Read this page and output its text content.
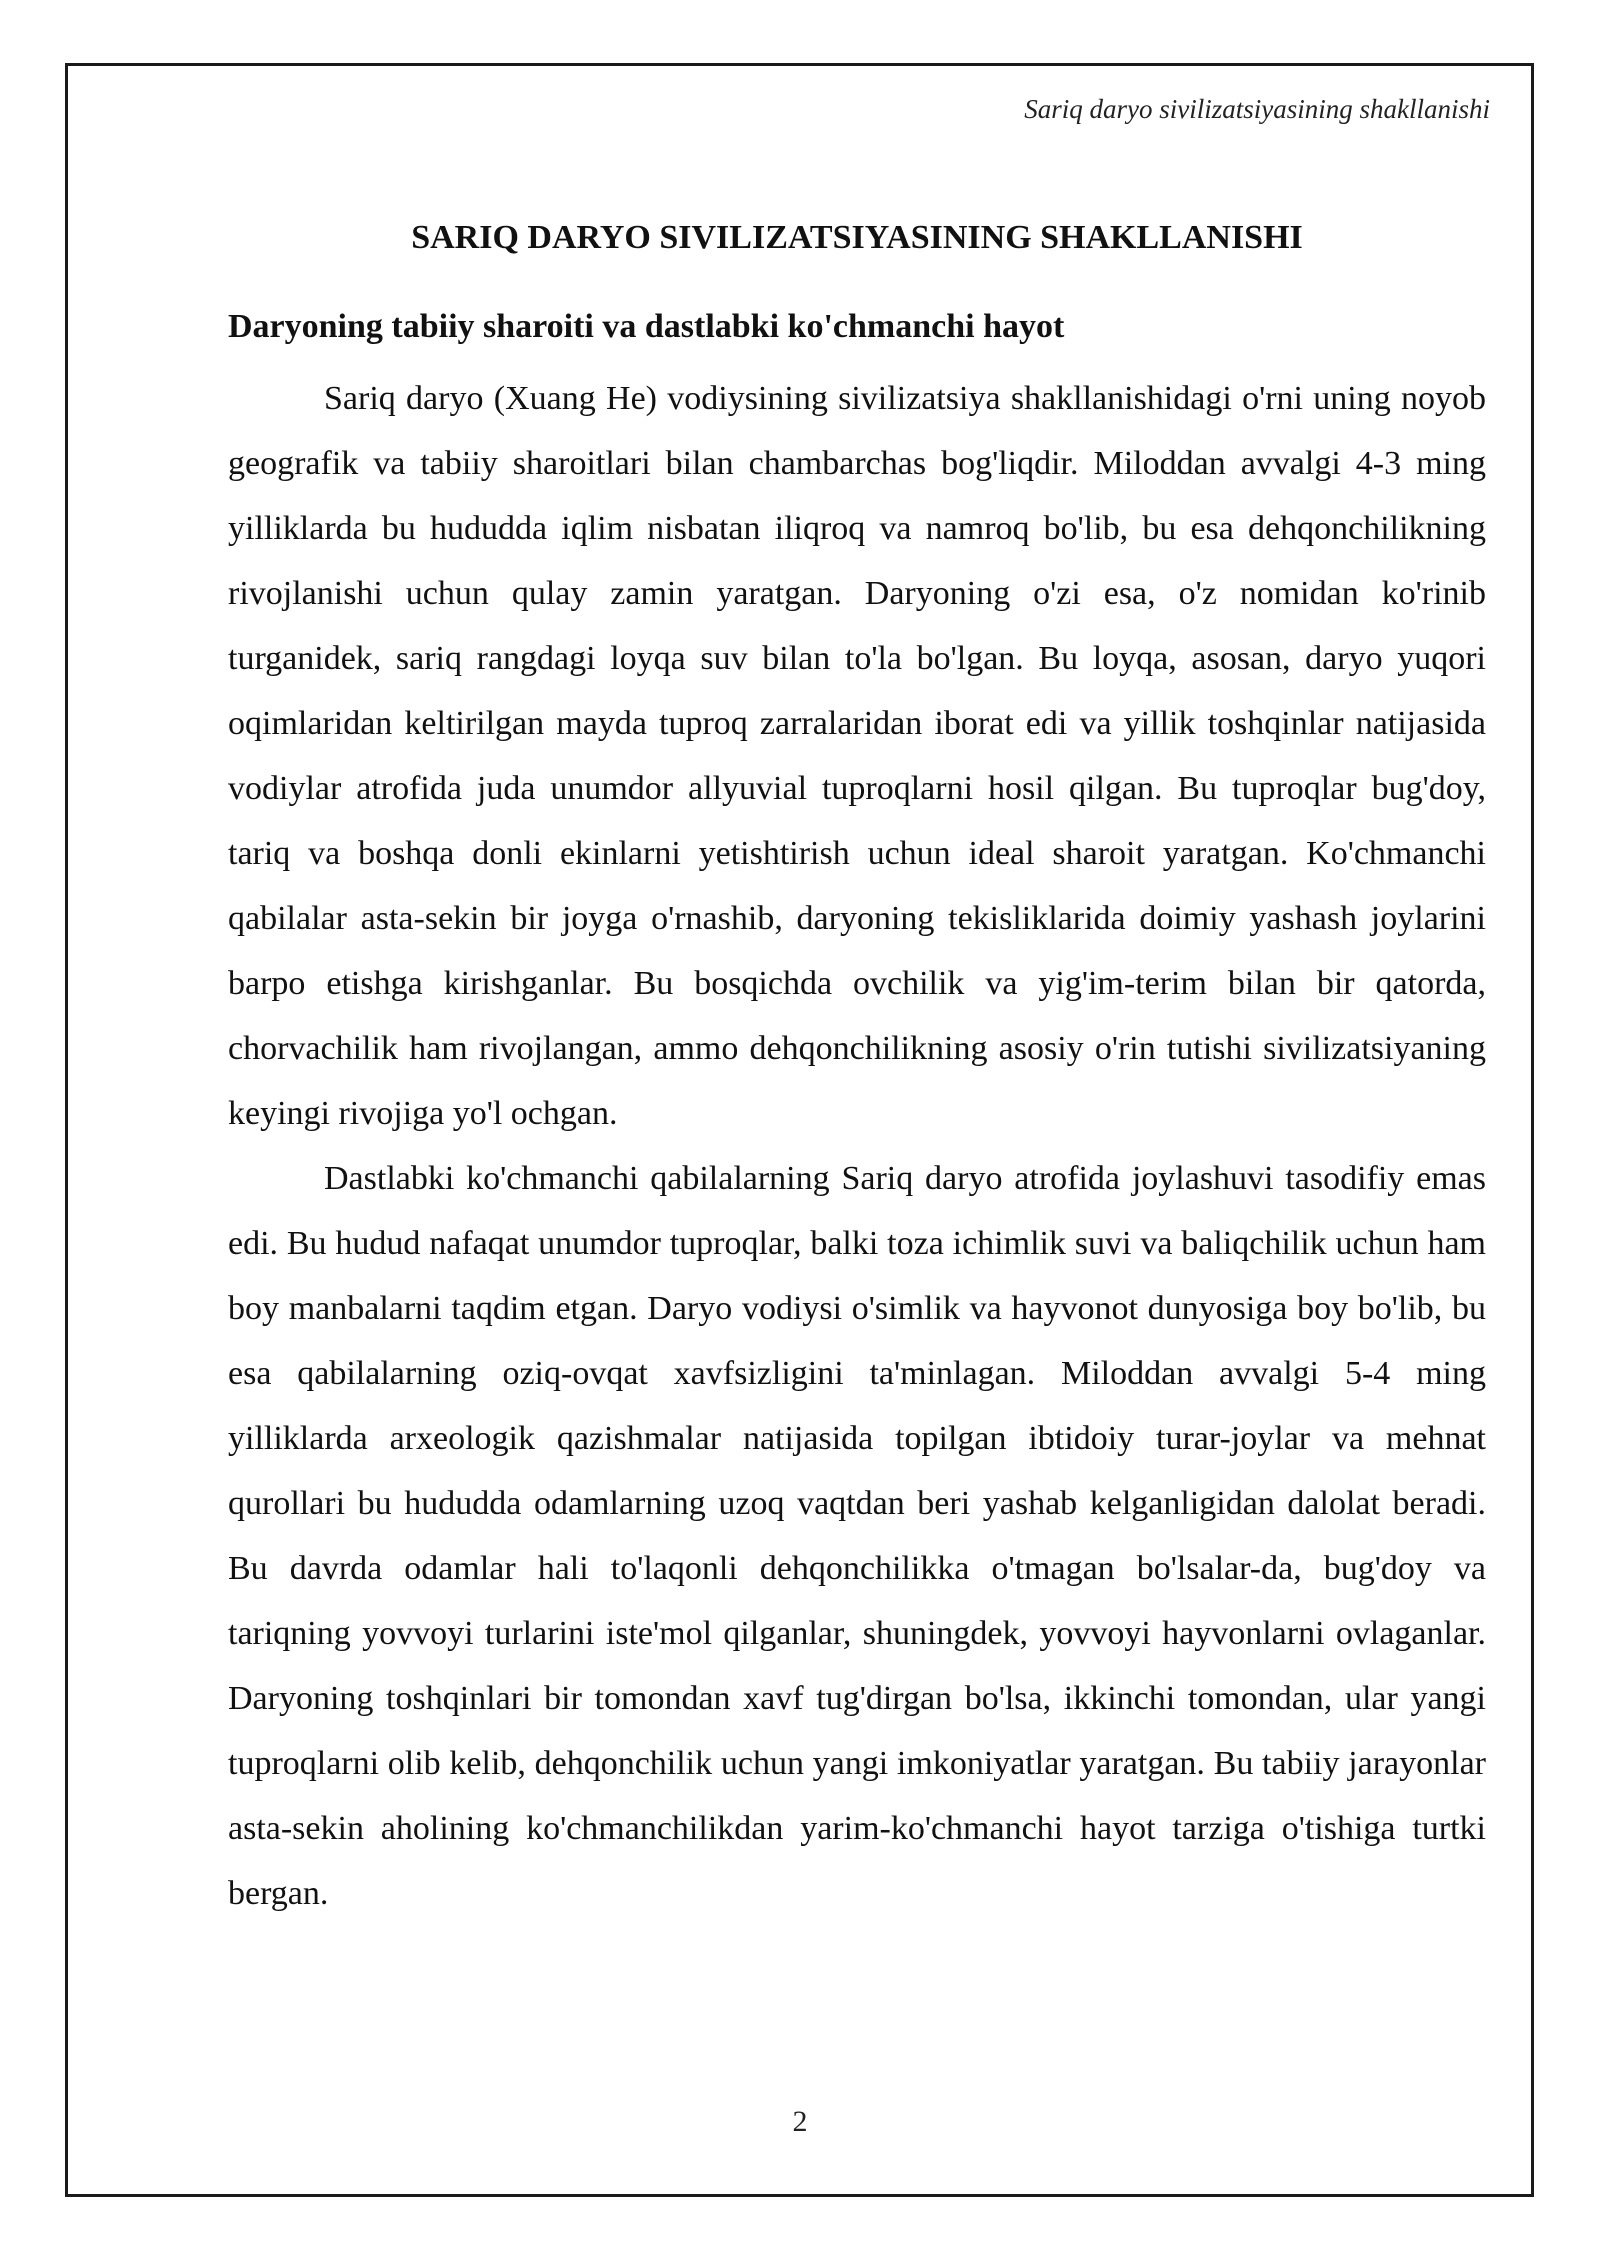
Sariq daryo sivilizatsiyasining shakllanishi
SARIQ DARYO SIVILIZATSIYASINING SHAKLLANISHI
Daryoning tabiiy sharoiti va dastlabki ko'chmanchi hayot

Sariq daryo (Xuang He) vodiysining sivilizatsiya shakllanishidagi o'rni uning noyob geografik va tabiiy sharoitlari bilan chambarchas bog'liqdir. Miloddan avvalgi 4-3 ming yilliklarda bu hududda iqlim nisbatan iliqroq va namroq bo'lib, bu esa dehqonchilikning rivojlanishi uchun qulay zamin yaratgan. Daryoning o'zi esa, o'z nomidan ko'rinib turganidek, sariq rangdagi loyqa suv bilan to'la bo'lgan. Bu loyqa, asosan, daryo yuqori oqimlaridan keltirilgan mayda tuproq zarralaridan iborat edi va yillik toshqinlar natijasida vodiylar atrofida juda unumdor allyuvial tuproqlarni hosil qilgan. Bu tuproqlar bug'doy, tariq va boshqa donli ekinlarni yetishtirish uchun ideal sharoit yaratgan. Ko'chmanchi qabilalar asta-sekin bir joyga o'rnashib, daryoning tekisliklarida doimiy yashash joylarini barpo etishga kirishganlar. Bu bosqichda ovchilik va yig'im-terim bilan bir qatorda, chorvachilik ham rivojlangan, ammo dehqonchilikning asosiy o'rin tutishi sivilizatsiyaning keyingi rivojiga yo'l ochgan.

Dastlabki ko'chmanchi qabilalarning Sariq daryo atrofida joylashuvi tasodifiy emas edi. Bu hudud nafaqat unumdor tuproqlar, balki toza ichimlik suvi va baliqchilik uchun ham boy manbalarni taqdim etgan. Daryo vodiysi o'simlik va hayvonot dunyosiga boy bo'lib, bu esa qabilalarning oziq-ovqat xavfsizligini ta'minlagan. Miloddan avvalgi 5-4 ming yilliklarda arxeologik qazishmalar natijasida topilgan ibtidoiy turar-joylar va mehnat qurollari bu hududda odamlarning uzoq vaqtdan beri yashab kelganligidan dalolat beradi. Bu davrda odamlar hali to'laqonli dehqonchilikka o'tmagan bo'lsalar-da, bug'doy va tariqning yovvoyi turlarini iste'mol qilganlar, shuningdek, yovvoyi hayvonlarni ovlaganlar. Daryoning toshqinlari bir tomondan xavf tug'dirgan bo'lsa, ikkinchi tomondan, ular yangi tuproqlarni olib kelib, dehqonchilik uchun yangi imkoniyatlar yaratgan. Bu tabiiy jarayonlar asta-sekin aholining ko'chmanchilikdan yarim-ko'chmanchi hayot tarziga o'tishiga turtki bergan.

2
